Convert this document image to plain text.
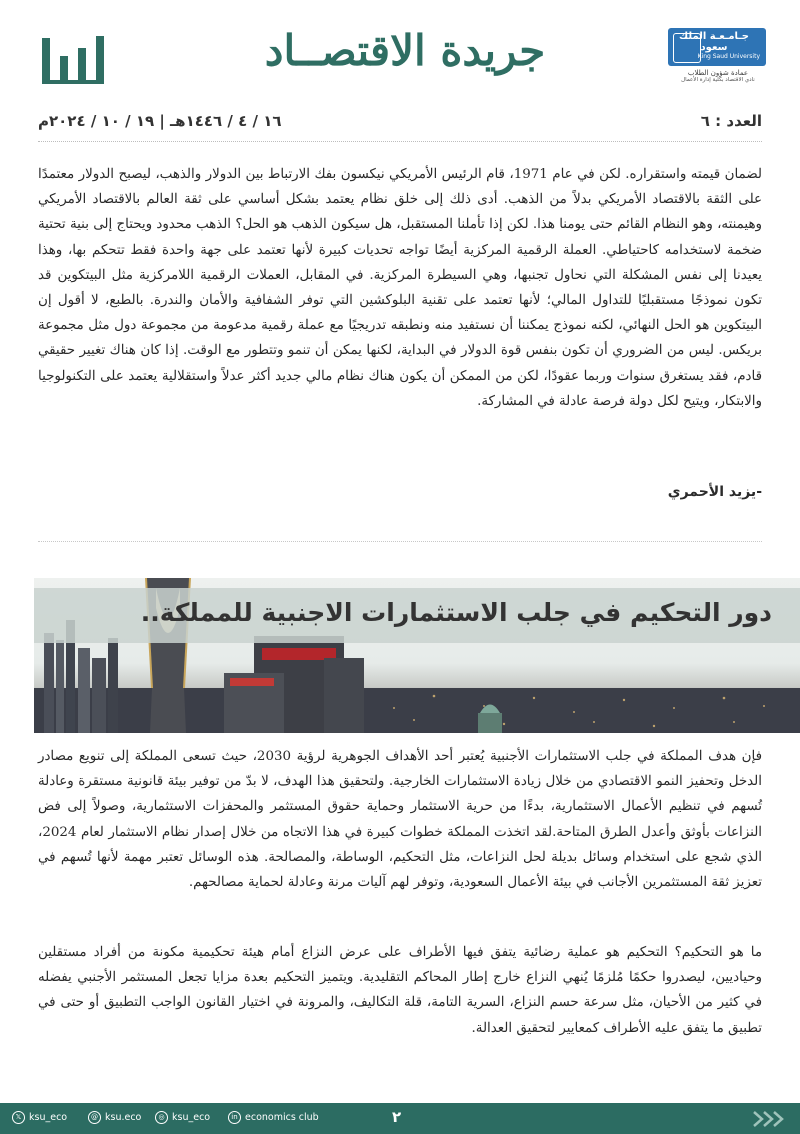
جريدة الاقتصــاد	جـامـعـة الملك سعود
King Saud University
عمادة شؤون الطلاب
نادي الاقتصاد بكلية إدارة الأعمال
العدد : ٦
١٦ / ٤ / ١٤٤٦هـ | ١٩ / ١٠ / ٢٠٢٤م

لضمان قيمته واستقراره. لكن في عام 1971، قام الرئيس الأمريكي نيكسون بفك الارتباط بين الدولار والذهب، ليصبح الدولار معتمدًا على الثقة بالاقتصاد الأمريكي بدلاً من الذهب. أدى ذلك إلى خلق نظام يعتمد بشكل أساسي على ثقة العالم بالاقتصاد الأمريكي وهيمنته، وهو النظام القائم حتى يومنا هذا. لكن إذا تأملنا المستقبل، هل سيكون الذهب هو الحل؟ الذهب محدود ويحتاج إلى بنية تحتية ضخمة لاستخدامه كاحتياطي. العملة الرقمية المركزية أيضًا تواجه تحديات كبيرة لأنها تعتمد على جهة واحدة فقط تتحكم بها، وهذا يعيدنا إلى نفس المشكلة التي نحاول تجنبها، وهي السيطرة المركزية. في المقابل، العملات الرقمية اللامركزية مثل البيتكوين قد تكون نموذجًا مستقبليًا للتداول المالي؛ لأنها تعتمد على تقنية البلوكشين التي توفر الشفافية والأمان والندرة. بالطبع، لا أقول إن البيتكوين هو الحل النهائي، لكنه نموذج يمكننا أن نستفيد منه ونطبقه تدريجيًا مع عملة رقمية مدعومة من مجموعة دول مثل مجموعة بريكس. ليس من الضروري أن تكون بنفس قوة الدولار في البداية، لكنها يمكن أن تنمو وتتطور مع الوقت. إذا كان هناك تغيير حقيقي قادم، فقد يستغرق سنوات وربما عقودًا، لكن من الممكن أن يكون هناك نظام مالي جديد أكثر عدلاً واستقلالية يعتمد على التكنولوجيا والابتكار، ويتيح لكل دولة فرصة عادلة في المشاركة.

-يزيد الأحمري
دور التحكيم في جلب الاستثمارات الاجنبية للمملكة..

فإن هدف المملكة في جلب الاستثمارات الأجنبية يُعتبر أحد الأهداف الجوهرية لرؤية 2030، حيث تسعى المملكة إلى تنويع مصادر الدخل وتحفيز النمو الاقتصادي من خلال زيادة الاستثمارات الخارجية. ولتحقيق هذا الهدف، لا بدّ من توفير بيئة قانونية مستقرة وعادلة تُسهم في تنظيم الأعمال الاستثمارية، بدءًا من حرية الاستثمار وحماية حقوق المستثمر والمحفزات الاستثمارية، وصولاً إلى فض النزاعات بأوثق وأعدل الطرق المتاحة.لقد اتخذت المملكة خطوات كبيرة في هذا الاتجاه من خلال إصدار نظام الاستثمار لعام 2024، الذي شجع على استخدام وسائل بديلة لحل النزاعات، مثل التحكيم، الوساطة، والمصالحة. هذه الوسائل تعتبر مهمة لأنها تُسهم في تعزيز ثقة المستثمرين الأجانب في بيئة الأعمال السعودية، وتوفر لهم آليات مرنة وعادلة لحماية مصالحهم.

ما هو التحكيم؟ التحكيم هو عملية رضائية يتفق فيها الأطراف على عرض النزاع أمام هيئة تحكيمية مكونة من أفراد مستقلين وحياديين، ليصدروا حكمًا مُلزمًا يُنهي النزاع خارج إطار المحاكم التقليدية. ويتميز التحكيم بعدة مزايا تجعل المستثمر الأجنبي يفضله في كثير من الأحيان، مثل سرعة حسم النزاع، السرية التامة، قلة التكاليف، والمرونة في اختيار القانون الواجب التطبيق أو حتى في تطبيق ما يتفق عليه الأطراف كمعايير لتحقيق العدالة.

𝕏 ksu_eco	@ ksu.eco	◎ ksu_eco	in economics club	٢
